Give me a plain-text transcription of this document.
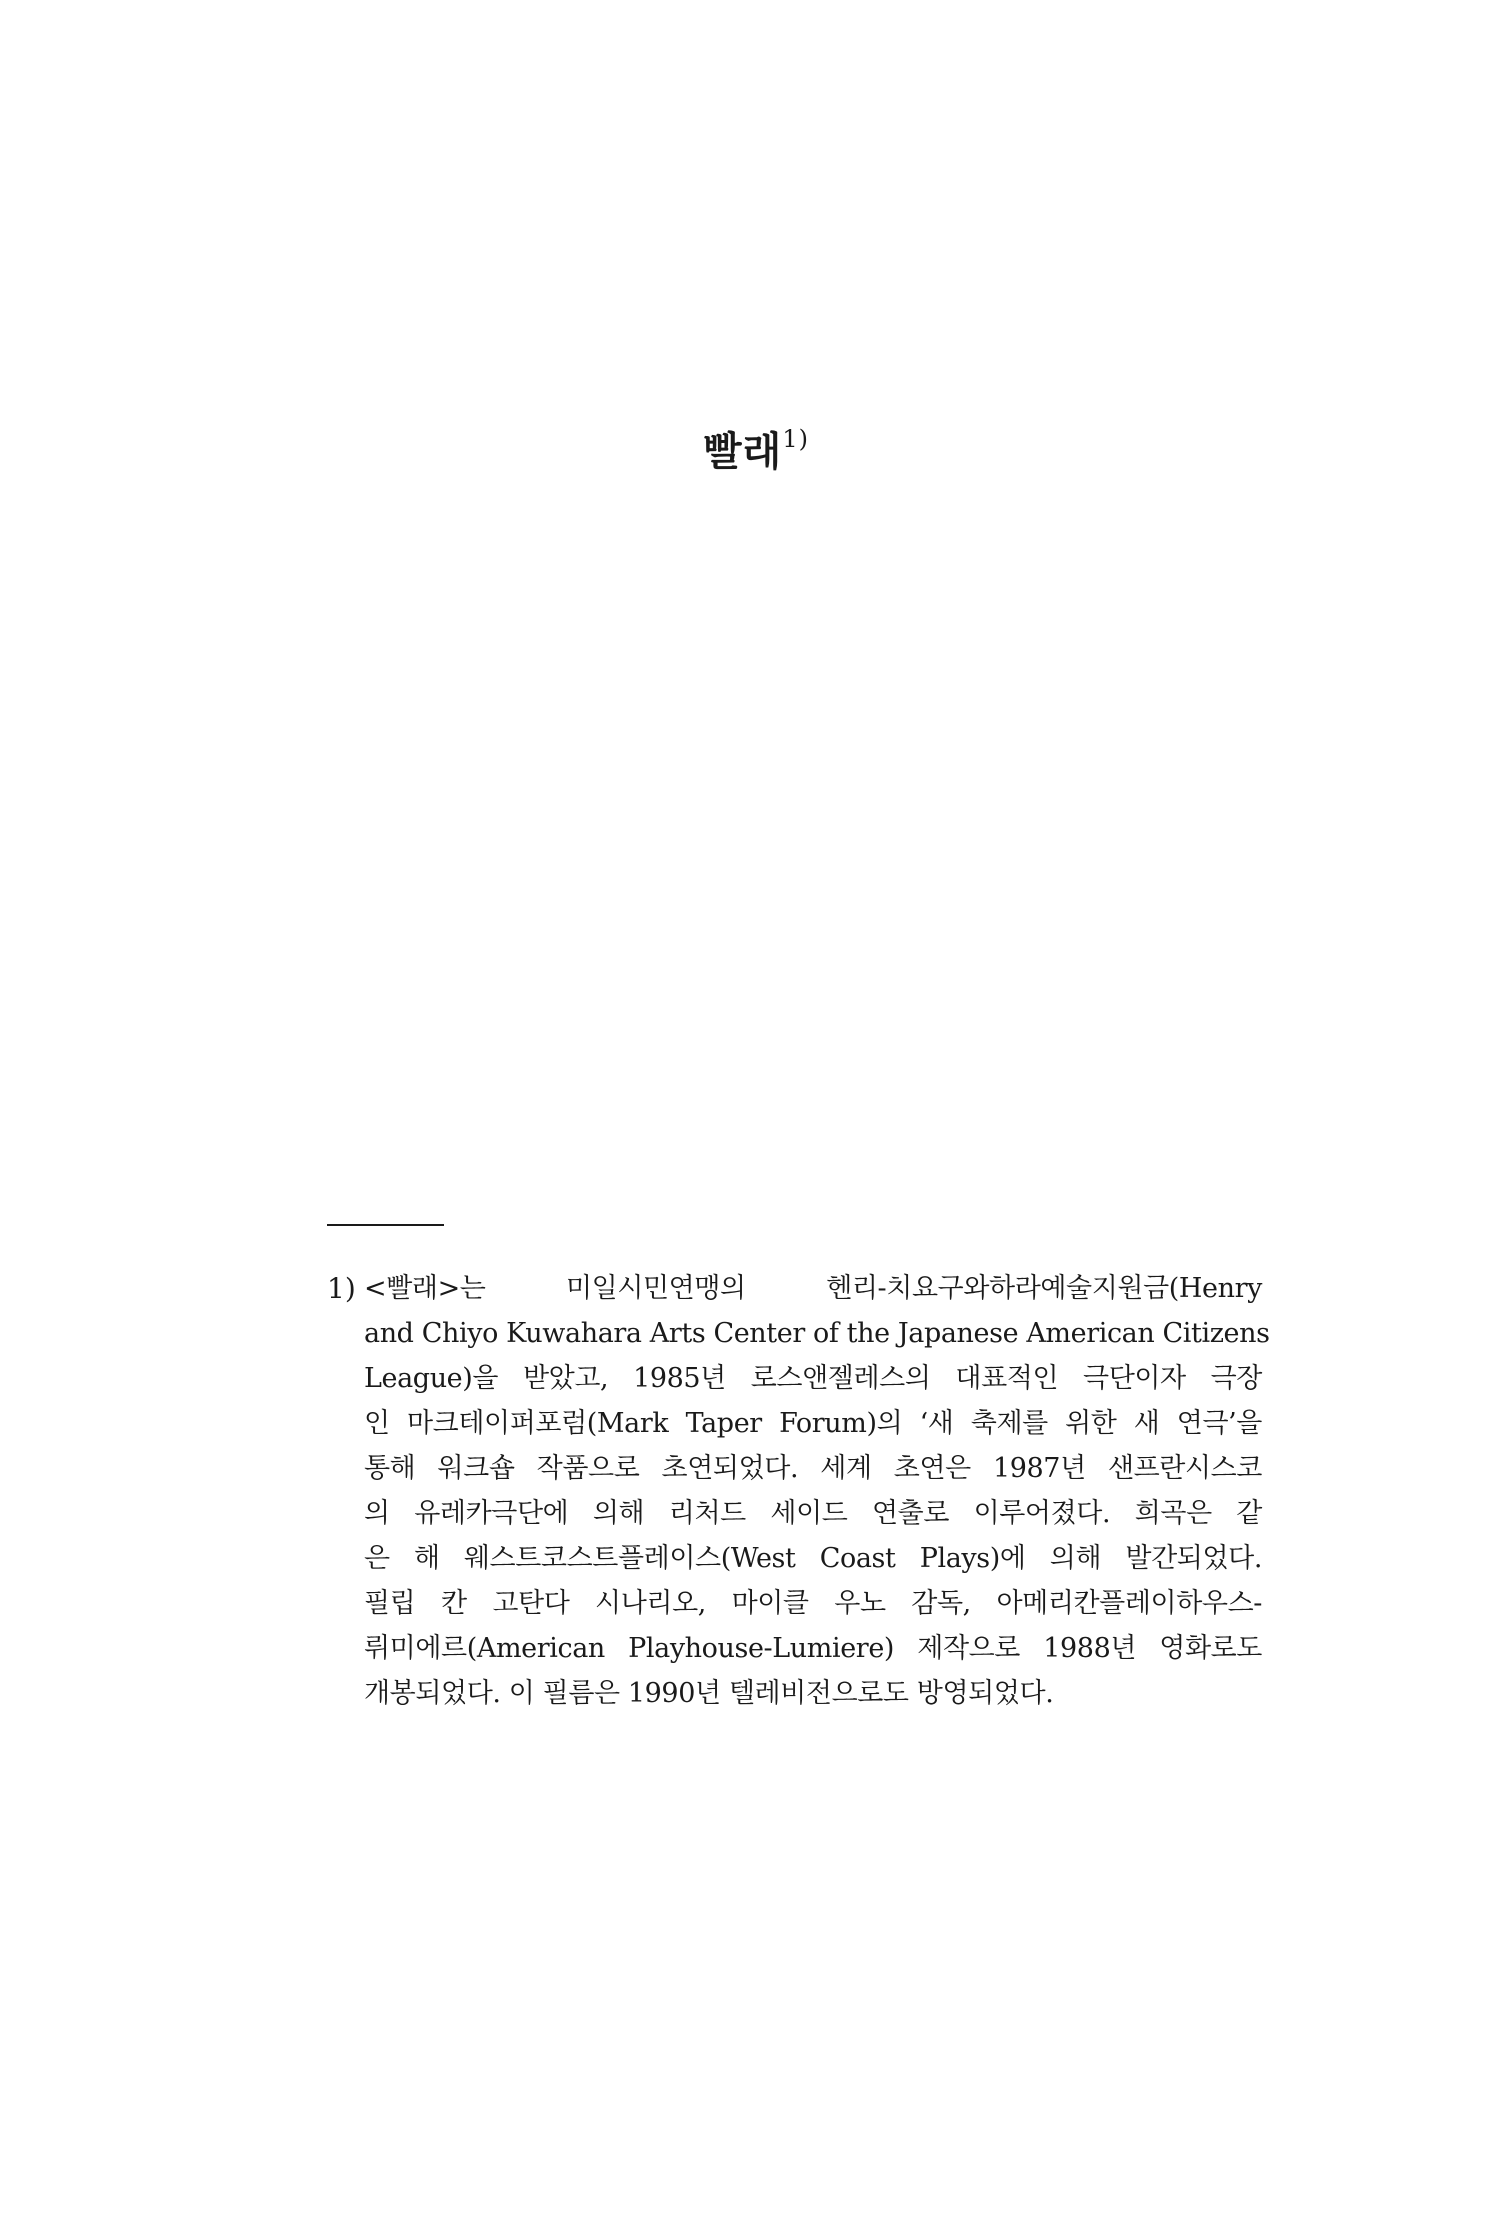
빨래$^{1)}$
1) <빨래>는 미일시민연맹의 헨리-치요구와하라예술지원금(Henry
and Chiyo Kuwahara Arts Center of the Japanese American Citizens
League)을 받았고, 1985년 로스앤젤레스의 대표적인 극단이자 극장
인 마크테이퍼포럼(Mark Taper Forum)의 ‘새 축제를 위한 새 연극’을
통해 워크숍 작품으로 초연되었다. 세계 초연은 1987년 샌프란시스코
의 유레카극단에 의해 리처드 세이드 연출로 이루어졌다. 희곡은 같
은 해 웨스트코스트플레이스(West Coast Plays)에 의해 발간되었다.
필립 칸 고탄다 시나리오, 마이클 우노 감독, 아메리칸플레이하우스-
뤼미에르(American Playhouse-Lumiere) 제작으로 1988년 영화로도
개봉되었다. 이 필름은 1990년 텔레비전으로도 방영되었다.
